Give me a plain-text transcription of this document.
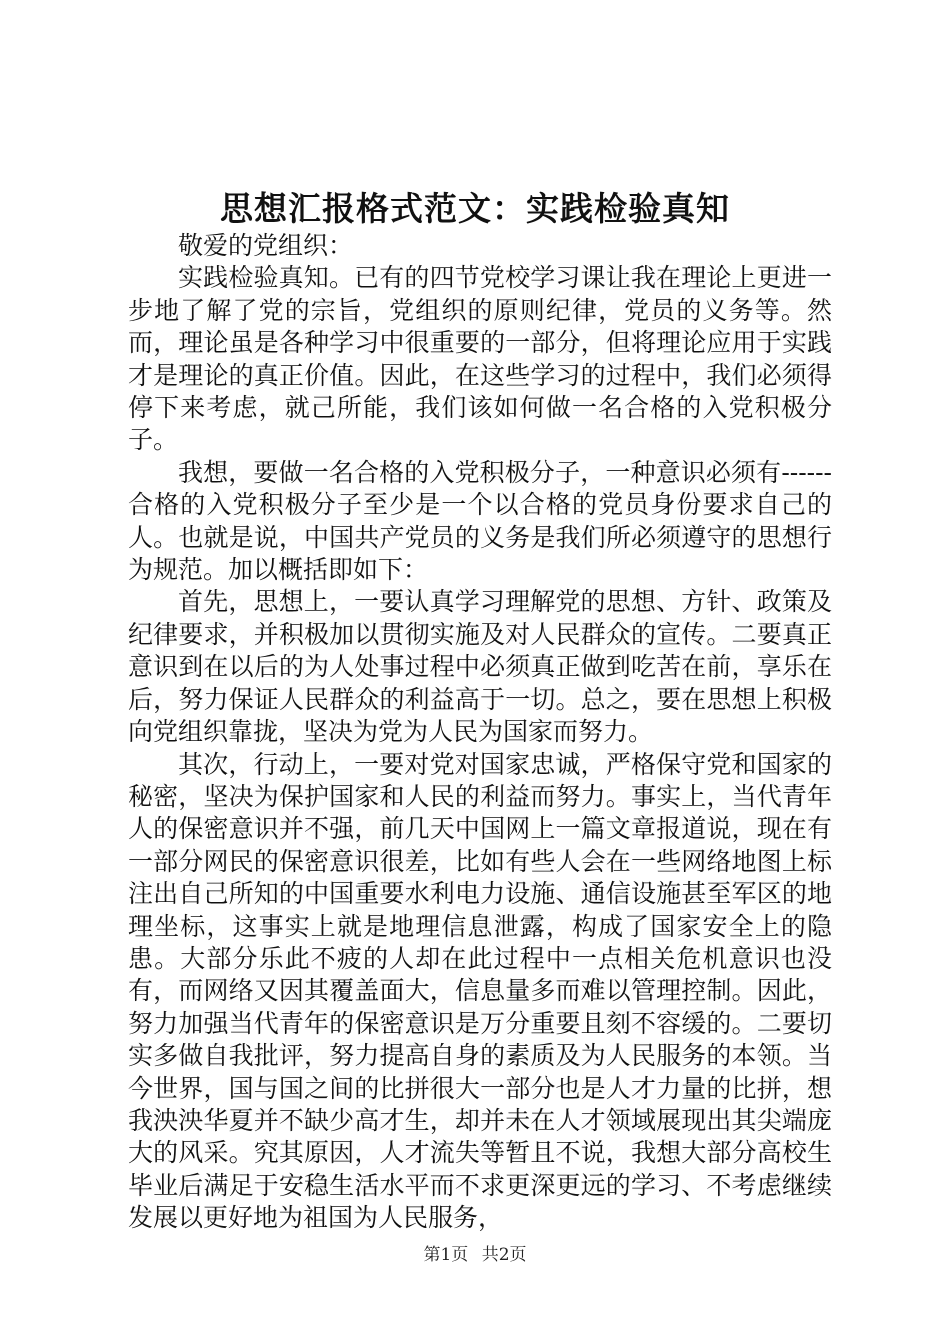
思想汇报格式范文：实践检验真知

敬爱的党组织：

实践检验真知。已有的四节党校学习课让我在理论上更进一步地了解了党的宗旨，党组织的原则纪律，党员的义务等。然而，理论虽是各种学习中很重要的一部分，但将理论应用于实践才是理论的真正价值。因此，在这些学习的过程中，我们必须得停下来考虑，就己所能，我们该如何做一名合格的入党积极分子。

我想，要做一名合格的入党积极分子，一种意识必须有------合格的入党积极分子至少是一个以合格的党员身份要求自己的人。也就是说，中国共产党员的义务是我们所必须遵守的思想行为规范。加以概括即如下：

首先，思想上，一要认真学习理解党的思想、方针、政策及纪律要求，并积极加以贯彻实施及对人民群众的宣传。二要真正意识到在以后的为人处事过程中必须真正做到吃苦在前，享乐在后，努力保证人民群众的利益高于一切。总之，要在思想上积极向党组织靠拢，坚决为党为人民为国家而努力。

其次，行动上，一要对党对国家忠诚，严格保守党和国家的秘密，坚决为保护国家和人民的利益而努力。事实上，当代青年人的保密意识并不强，前几天中国网上一篇文章报道说，现在有一部分网民的保密意识很差，比如有些人会在一些网络地图上标注出自己所知的中国重要水利电力设施、通信设施甚至军区的地理坐标，这事实上就是地理信息泄露，构成了国家安全上的隐患。大部分乐此不疲的人却在此过程中一点相关危机意识也没有，而网络又因其覆盖面大，信息量多而难以管理控制。因此，努力加强当代青年的保密意识是万分重要且刻不容缓的。二要切实多做自我批评，努力提高自身的素质及为人民服务的本领。当今世界，国与国之间的比拼很大一部分也是人才力量的比拼，想我泱泱华夏并不缺少高才生，却并未在人才领域展现出其尖端庞大的风采。究其原因，人才流失等暂且不说，我想大部分高校生毕业后满足于安稳生活水平而不求更深更远的学习、不考虑继续发展以更好地为祖国为人民服务，

第1页 共2页
